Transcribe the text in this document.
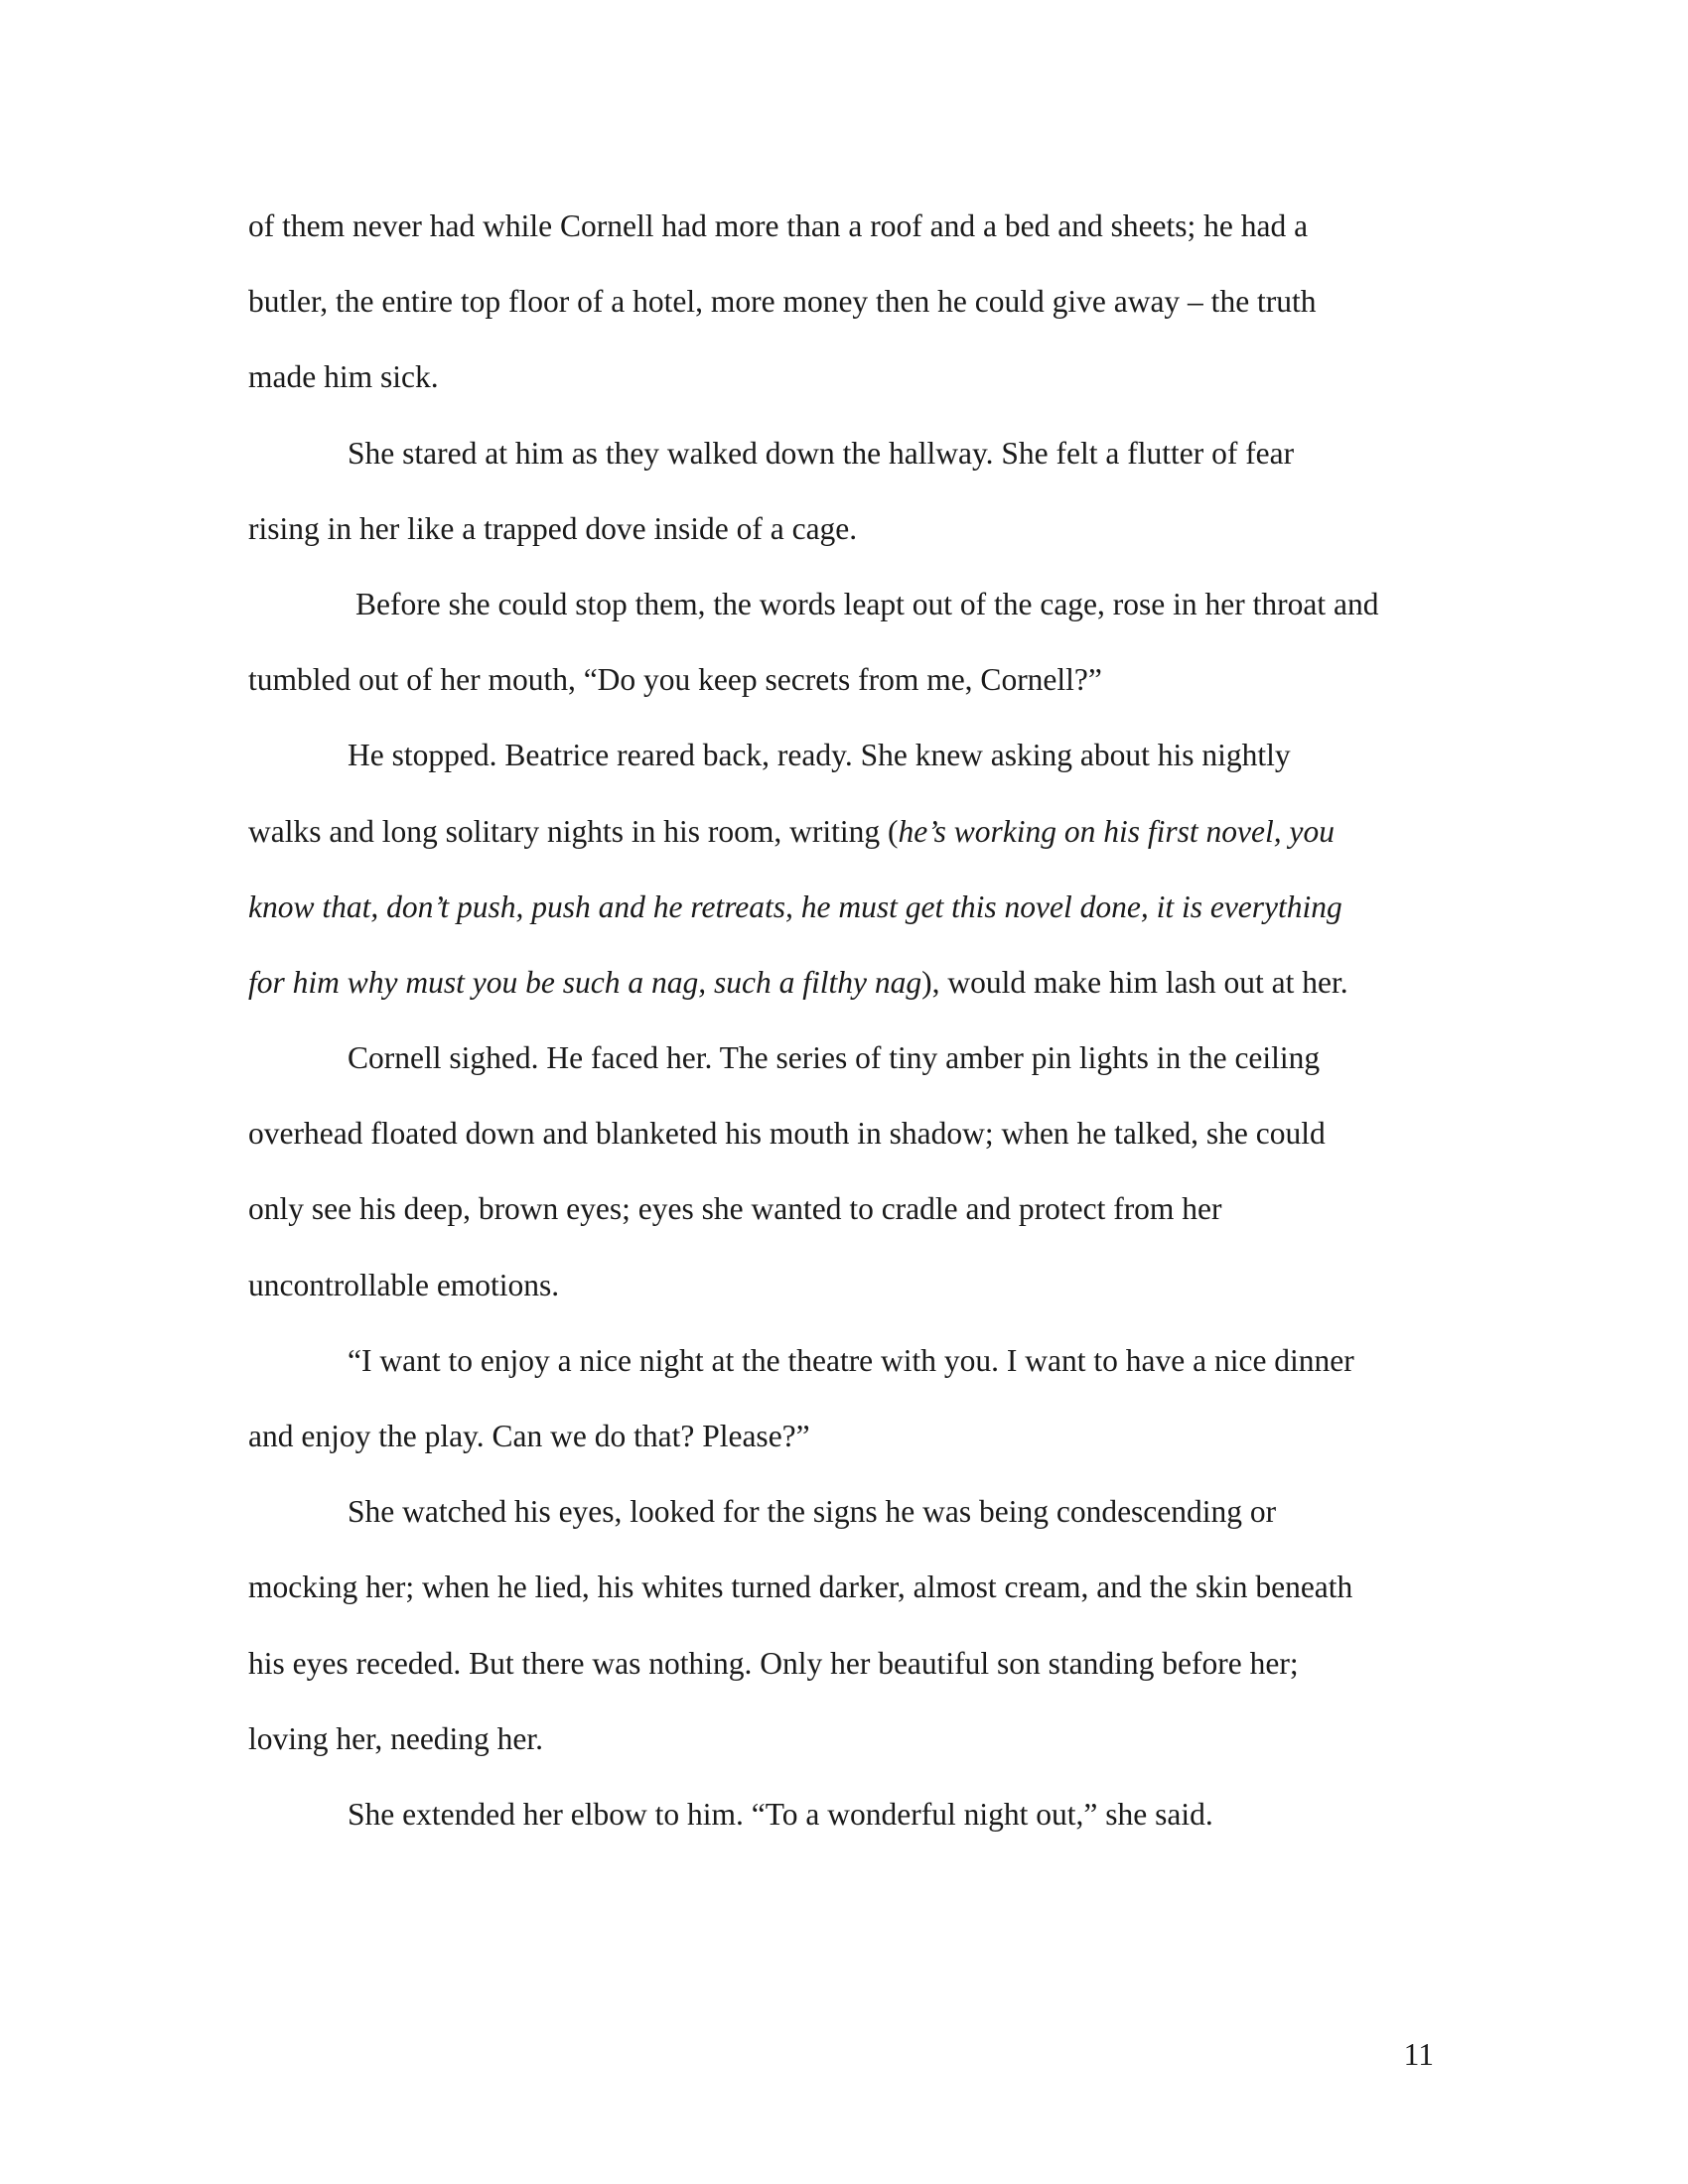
of them never had while Cornell had more than a roof and a bed and sheets; he had a
butler, the entire top floor of a hotel, more money then he could give away – the truth
made him sick.
She stared at him as they walked down the hallway. She felt a flutter of fear
rising in her like a trapped dove inside of a cage.
Before she could stop them, the words leapt out of the cage, rose in her throat and
tumbled out of her mouth, “Do you keep secrets from me, Cornell?”
He stopped. Beatrice reared back, ready. She knew asking about his nightly
walks and long solitary nights in his room, writing (he’s working on his first novel, you
know that, don’t push, push and he retreats, he must get this novel done, it is everything
for him why must you be such a nag, such a filthy nag), would make him lash out at her.
Cornell sighed. He faced her. The series of tiny amber pin lights in the ceiling
overhead floated down and blanketed his mouth in shadow; when he talked, she could
only see his deep, brown eyes; eyes she wanted to cradle and protect from her
uncontrollable emotions.
“I want to enjoy a nice night at the theatre with you. I want to have a nice dinner
and enjoy the play. Can we do that? Please?”
She watched his eyes, looked for the signs he was being condescending or
mocking her; when he lied, his whites turned darker, almost cream, and the skin beneath
his eyes receded. But there was nothing. Only her beautiful son standing before her;
loving her, needing her.
She extended her elbow to him. “To a wonderful night out,” she said.
11
